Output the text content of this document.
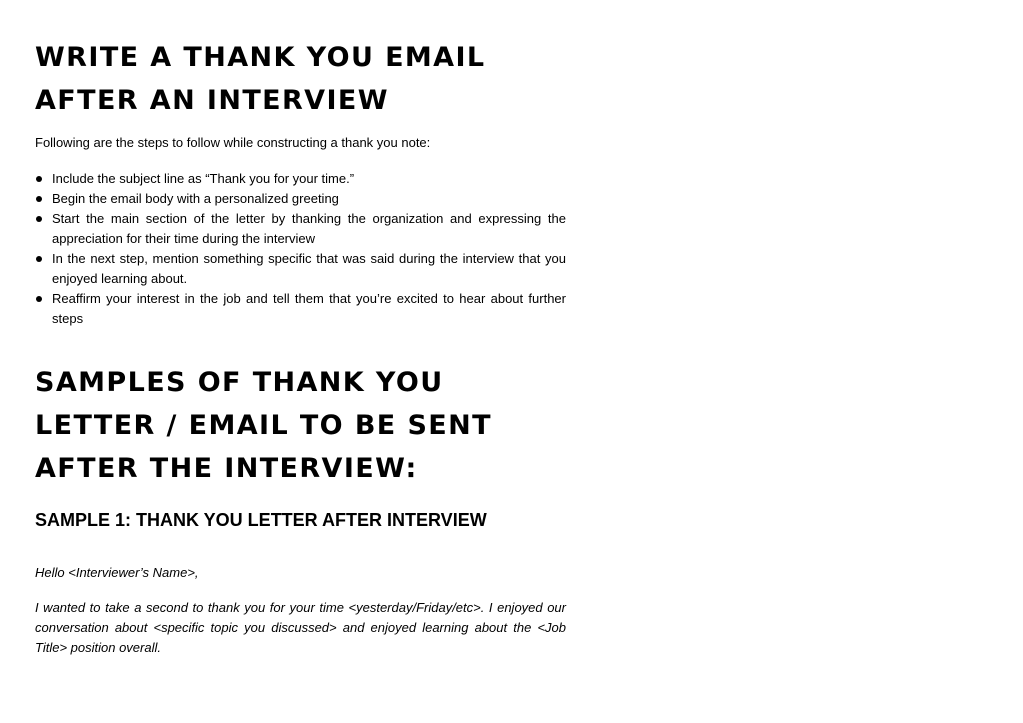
WRITE A THANK YOU EMAIL
AFTER AN INTERVIEW

Following are the steps to follow while constructing a thank you note:

Include the subject line as “Thank you for your time.”
Begin the email body with a personalized greeting
Start the main section of the letter by thanking the organization and expressing the appreciation for their time during the interview
In the next step, mention something specific that was said during the interview that you enjoyed learning about.
Reaffirm your interest in the job and tell them that you’re excited to hear about further steps
SAMPLES OF THANK YOU
LETTER / EMAIL TO BE SENT
AFTER THE INTERVIEW:
SAMPLE 1: THANK YOU LETTER AFTER INTERVIEW

Hello <Interviewer’s Name>,

I wanted to take a second to thank you for your time <yesterday/Friday/etc>. I enjoyed our conversation about <specific topic you discussed> and enjoyed learning about the <Job Title> position overall.
